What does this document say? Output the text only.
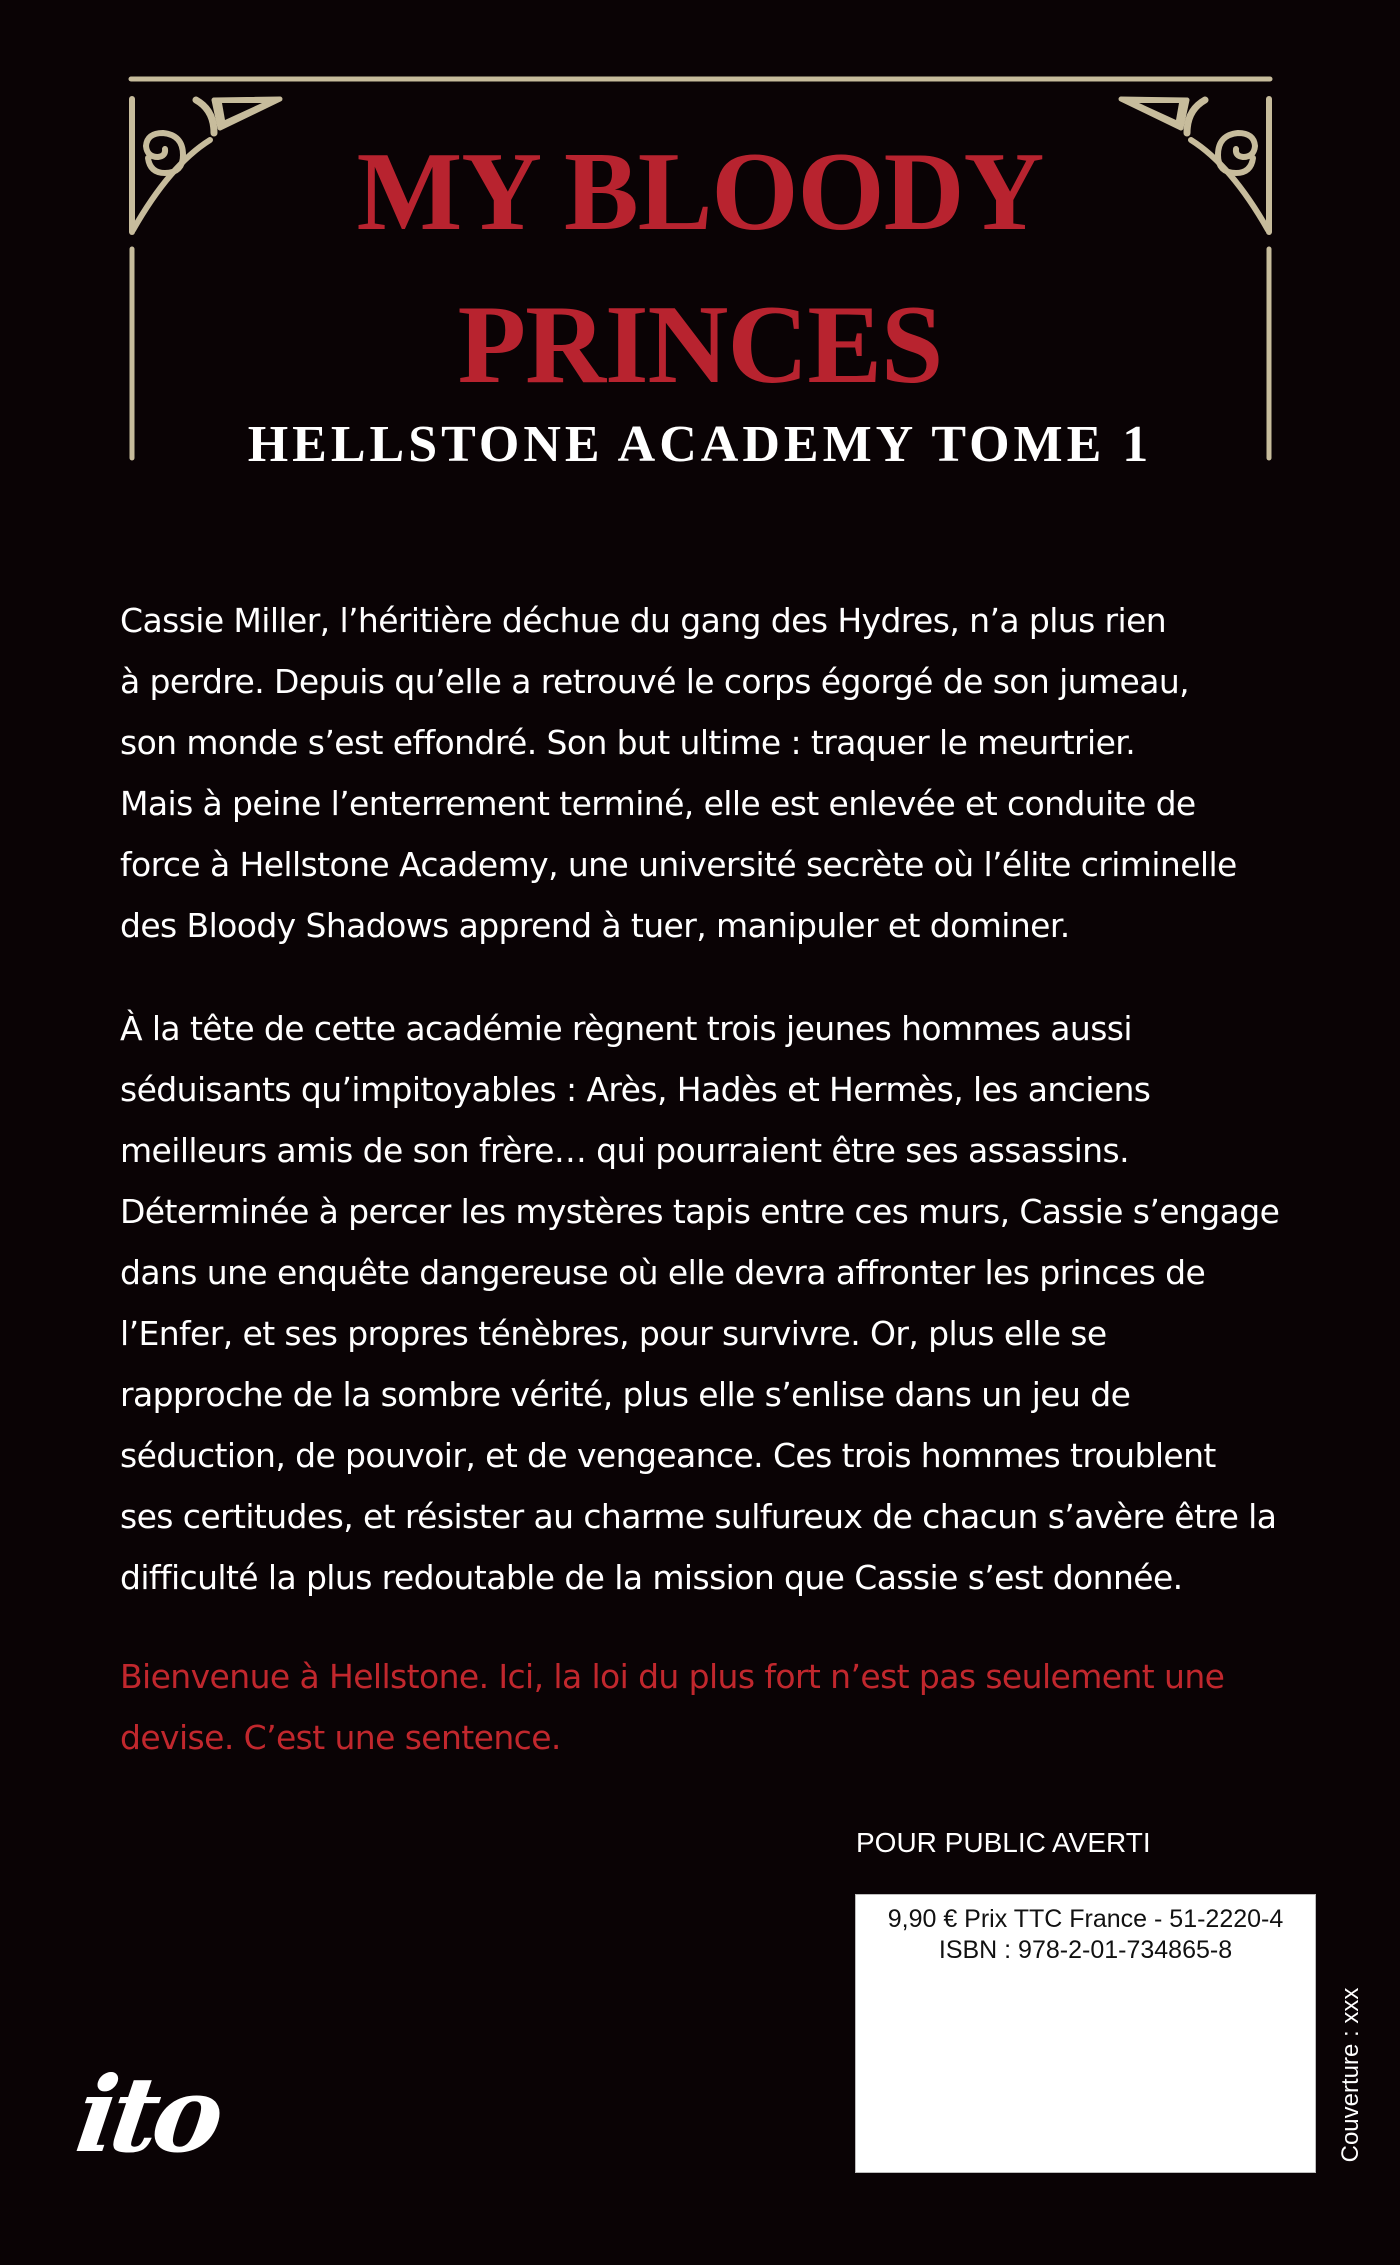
MY BLOODY
PRINCES
HELLSTONE ACADEMY TOME 1

Cassie Miller, l’héritière déchue du gang des Hydres, n’a plus rien
à perdre. Depuis qu’elle a retrouvé le corps égorgé de son jumeau,
son monde s’est effondré. Son but ultime : traquer le meurtrier.
Mais à peine l’enterrement terminé, elle est enlevée et conduite de
force à Hellstone Academy, une université secrète où l’élite criminelle
des Bloody Shadows apprend à tuer, manipuler et dominer.

À la tête de cette académie règnent trois jeunes hommes aussi
séduisants qu’impitoyables : Arès, Hadès et Hermès, les anciens
meilleurs amis de son frère… qui pourraient être ses assassins.
Déterminée à percer les mystères tapis entre ces murs, Cassie s’engage
dans une enquête dangereuse où elle devra affronter les princes de
l’Enfer, et ses propres ténèbres, pour survivre. Or, plus elle se
rapproche de la sombre vérité, plus elle s’enlise dans un jeu de
séduction, de pouvoir, et de vengeance. Ces trois hommes troublent
ses certitudes, et résister au charme sulfureux de chacun s’avère être la
difficulté la plus redoutable de la mission que Cassie s’est donnée.

Bienvenue à Hellstone. Ici, la loi du plus fort n’est pas seulement une
devise. C’est une sentence.

POUR PUBLIC AVERTI

9,90 € Prix TTC France - 51-2220-4
ISBN : 978-2-01-734865-8
Couverture : xxx
ito
